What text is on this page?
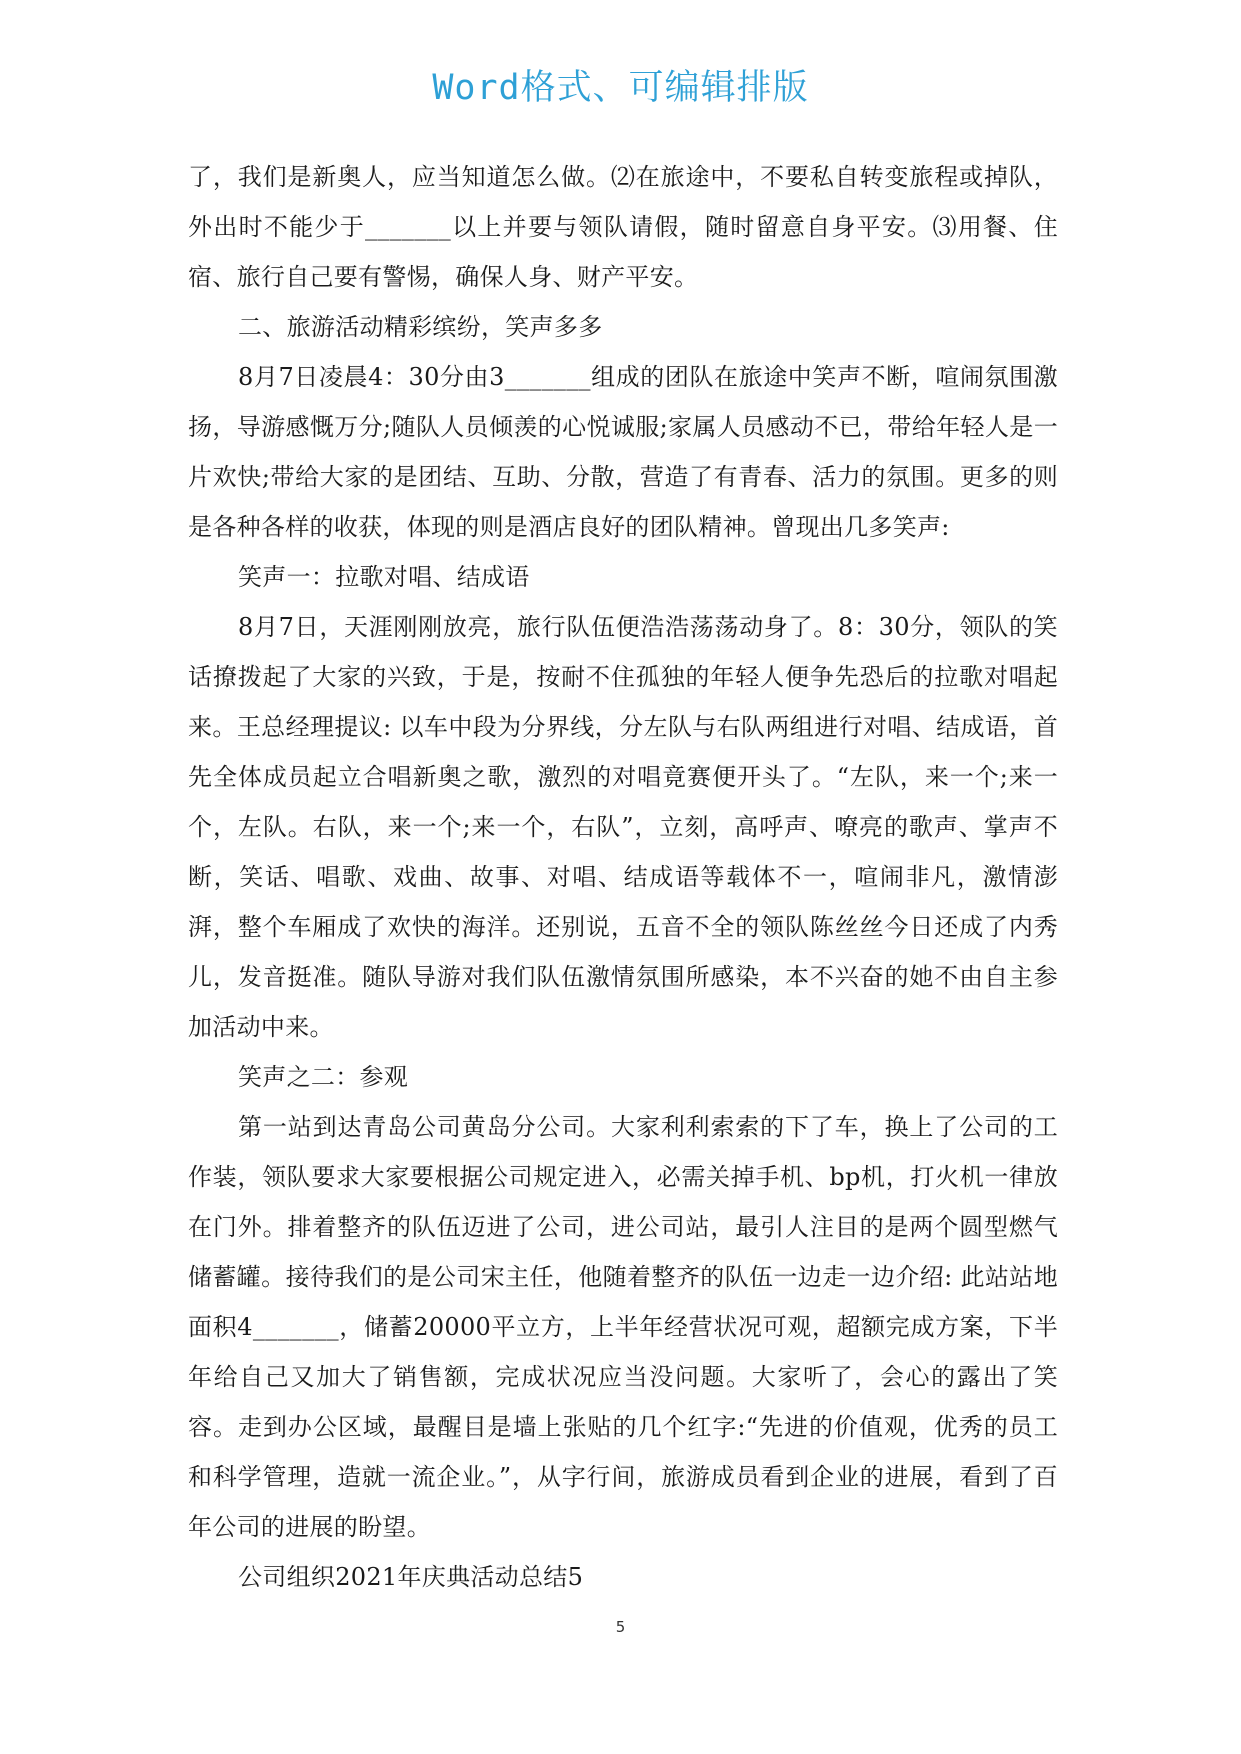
Word格式、可编辑排版

了，我们是新奥人，应当知道怎么做。⑵在旅途中，不要私自转变旅程或掉队，外出时不能少于_______以上并要与领队请假，随时留意自身平安。⑶用餐、住宿、旅行自己要有警惕，确保人身、财产平安。

二、旅游活动精彩缤纷，笑声多多

8月7日凌晨4：30分由3_______组成的团队在旅途中笑声不断，喧闹氛围激扬，导游感慨万分;随队人员倾羡的心悦诚服;家属人员感动不已，带给年轻人是一片欢快;带给大家的是团结、互助、分散，营造了有青春、活力的氛围。更多的则是各种各样的收获，体现的则是酒店良好的团队精神。曾现出几多笑声:

笑声一：拉歌对唱、结成语

8月7日，天涯刚刚放亮，旅行队伍便浩浩荡荡动身了。8：30分，领队的笑话撩拨起了大家的兴致，于是，按耐不住孤独的年轻人便争先恐后的拉歌对唱起来。王总经理提议: 以车中段为分界线，分左队与右队两组进行对唱、结成语，首先全体成员起立合唱新奥之歌，激烈的对唱竟赛便开头了。“左队，来一个;来一个，左队。右队，来一个;来一个，右队”，立刻，高呼声、嘹亮的歌声、掌声不断，笑话、唱歌、戏曲、故事、对唱、结成语等载体不一，喧闹非凡，激情澎湃，整个车厢成了欢快的海洋。还别说，五音不全的领队陈丝丝今日还成了内秀儿，发音挺准。随队导游对我们队伍激情氛围所感染，本不兴奋的她不由自主参加活动中来。

笑声之二：参观

第一站到达青岛公司黄岛分公司。大家利利索索的下了车，换上了公司的工作装，领队要求大家要根据公司规定进入，必需关掉手机、bp机，打火机一律放在门外。排着整齐的队伍迈进了公司，进公司站，最引人注目的是两个圆型燃气储蓄罐。接待我们的是公司宋主任，他随着整齐的队伍一边走一边介绍: 此站站地面积4_______，储蓄20000平立方，上半年经营状况可观，超额完成方案，下半年给自己又加大了销售额，完成状况应当没问题。大家听了，会心的露出了笑容。走到办公区域，最醒目是墙上张贴的几个红字:“先进的价值观，优秀的员工和科学管理，造就一流企业。”，从字行间，旅游成员看到企业的进展，看到了百年公司的进展的盼望。

公司组织2021年庆典活动总结5

5
